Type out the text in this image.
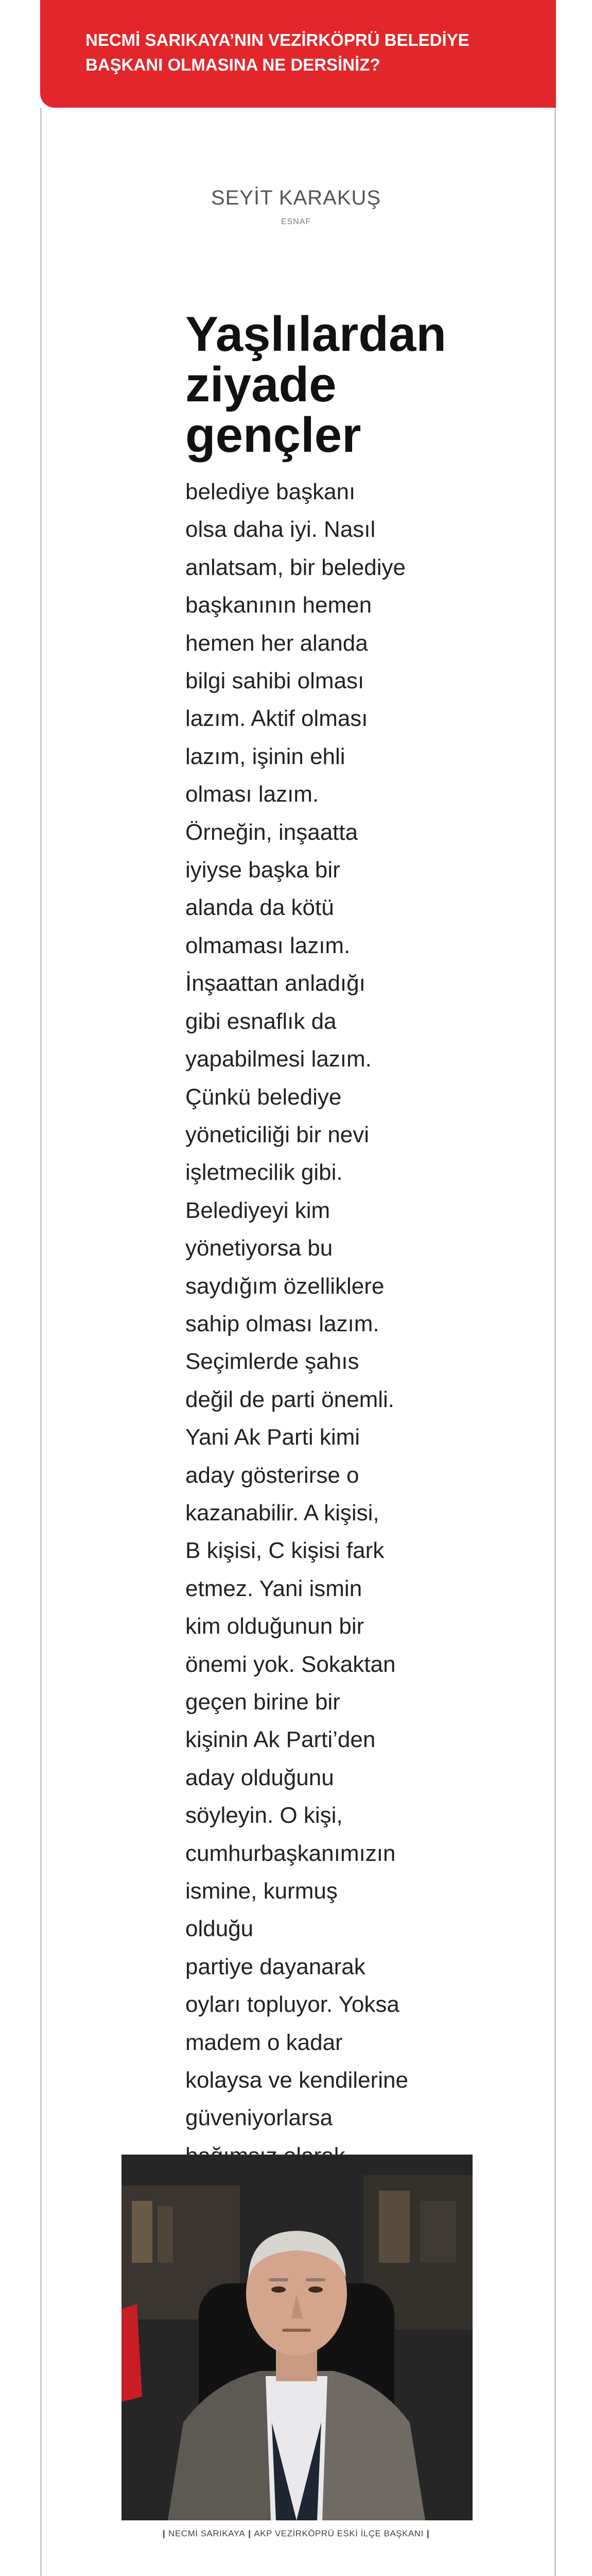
NECMİ SARIKAYA’NIN VEZİRKÖPRÜ BELEDİYE BAŞKANI OLMASINA NE DERSİNİZ?

SEYİT KARAKUŞ

ESNAF

Yaşlılardan ziyade gençler

belediye başkanı
olsa daha iyi. Nasıl
anlatsam, bir belediye
başkanının hemen
hemen her alanda
bilgi sahibi olması
lazım. Aktif olması
lazım, işinin ehli
olması lazım.
Örneğin, inşaatta
iyiyse başka bir
alanda da kötü
olmaması lazım.
İnşaattan anladığı
gibi esnaflık da
yapabilmesi lazım.
Çünkü belediye
yöneticiliği bir nevi
işletmecilik gibi.
Belediyeyi kim
yönetiyorsa bu
saydığım özelliklere
sahip olması lazım.
Seçimlerde şahıs
değil de parti önemli.
Yani Ak Parti kimi
aday gösterirse o
kazanabilir. A kişisi,
B kişisi, C kişisi fark
etmez. Yani ismin
kim olduğunun bir
önemi yok. Sokaktan
geçen birine bir
kişinin Ak Parti’den
aday olduğunu
söyleyin. O kişi,
cumhurbaşkanımızın
ismine, kurmuş olduğu
partiye dayanarak
oyları topluyor. Yoksa
madem o kadar
kolaysa ve kendilerine
güveniyorlarsa

| NECMİ SARIKAYA | AKP VEZİRKÖPRÜ ESKİ İLÇE BAŞKANI |
